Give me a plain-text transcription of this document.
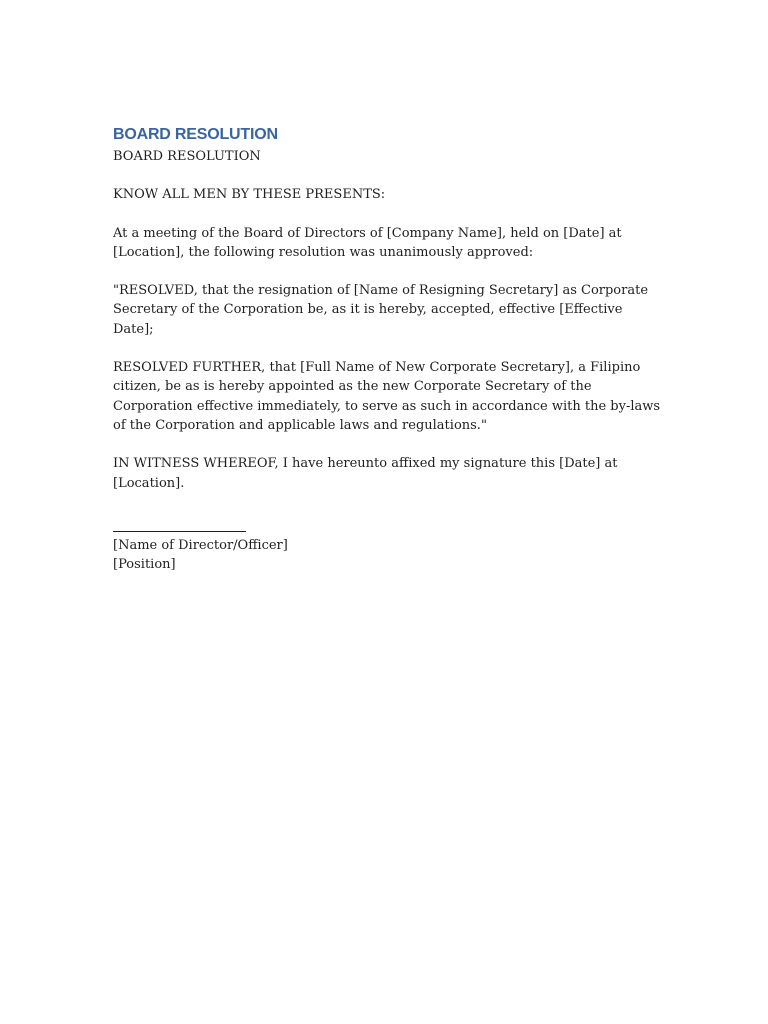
BOARD RESOLUTION
BOARD RESOLUTION
KNOW ALL MEN BY THESE PRESENTS:
At a meeting of the Board of Directors of [Company Name], held on [Date] at [Location], the following resolution was unanimously approved:
"RESOLVED, that the resignation of [Name of Resigning Secretary] as Corporate Secretary of the Corporation be, as it is hereby, accepted, effective [Effective Date];
RESOLVED FURTHER, that [Full Name of New Corporate Secretary], a Filipino citizen, be as is hereby appointed as the new Corporate Secretary of the Corporation effective immediately, to serve as such in accordance with the by-laws of the Corporation and applicable laws and regulations."
IN WITNESS WHEREOF, I have hereunto affixed my signature this [Date] at [Location].
[Name of Director/Officer]
[Position]
